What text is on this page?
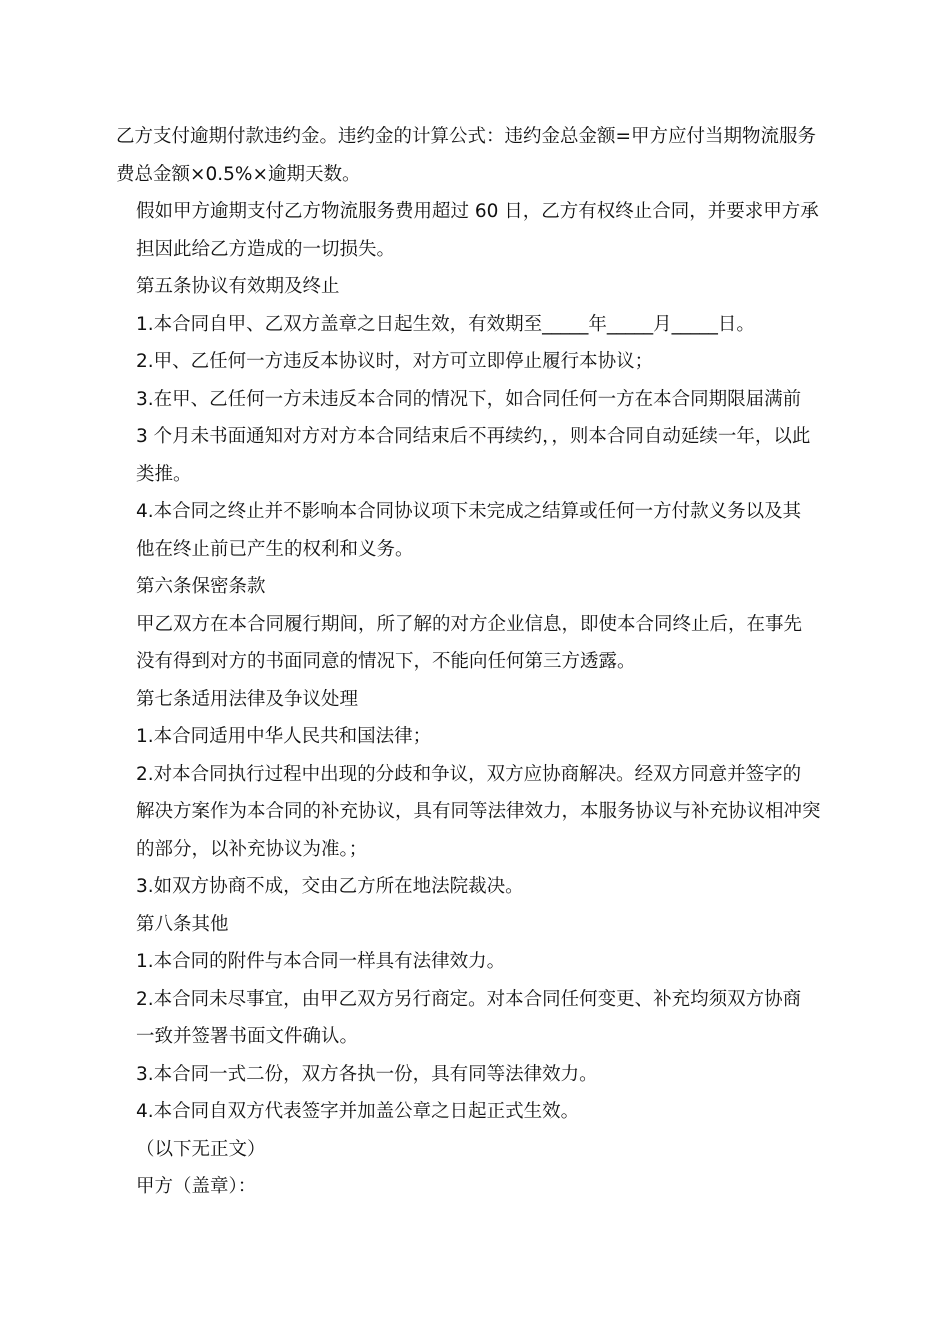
乙方支付逾期付款违约金。违约金的计算公式：违约金总金额=甲方应付当期物流服务
费总金额×0.5%×逾期天数。

假如甲方逾期支付乙方物流服务费用超过 60 日，乙方有权终止合同，并要求甲方承
担因此给乙方造成的一切损失。

第五条协议有效期及终止

1.本合同自甲、乙双方盖章之日起生效，有效期至_____年_____月_____日。

2.甲、乙任何一方违反本协议时，对方可立即停止履行本协议；

3.在甲、乙任何一方未违反本合同的情况下，如合同任何一方在本合同期限届满前
3 个月未书面通知对方对方本合同结束后不再续约，，则本合同自动延续一年，以此
类推。

4.本合同之终止并不影响本合同协议项下未完成之结算或任何一方付款义务以及其
他在终止前已产生的权利和义务。

第六条保密条款

甲乙双方在本合同履行期间，所了解的对方企业信息，即使本合同终止后，在事先
没有得到对方的书面同意的情况下，不能向任何第三方透露。

第七条适用法律及争议处理

1.本合同适用中华人民共和国法律；

2.对本合同执行过程中出现的分歧和争议，双方应协商解决。经双方同意并签字的
解决方案作为本合同的补充协议，具有同等法律效力，本服务协议与补充协议相冲突
的部分，以补充协议为准。；

3.如双方协商不成，交由乙方所在地法院裁决。

第八条其他

1.本合同的附件与本合同一样具有法律效力。

2.本合同未尽事宜，由甲乙双方另行商定。对本合同任何变更、补充均须双方协商
一致并签署书面文件确认。

3.本合同一式二份，双方各执一份，具有同等法律效力。

4.本合同自双方代表签字并加盖公章之日起正式生效。

（以下无正文）

甲方（盖章）：
